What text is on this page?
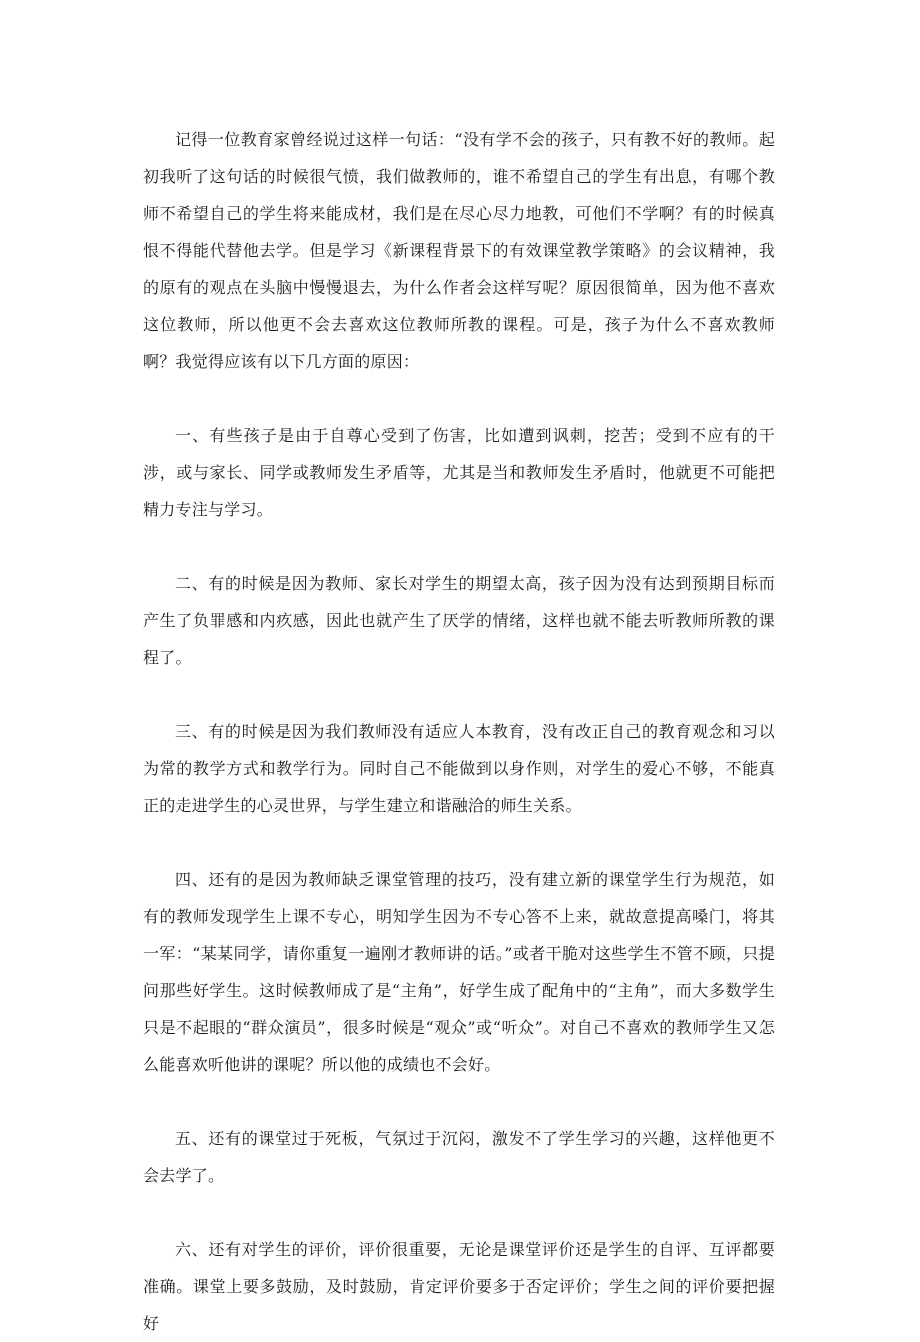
记得一位教育家曾经说过这样一句话：“没有学不会的孩子，只有教不好的教师。起初我听了这句话的时候很气愤，我们做教师的，谁不希望自己的学生有出息，有哪个教师不希望自己的学生将来能成材，我们是在尽心尽力地教，可他们不学啊？有的时候真恨不得能代替他去学。但是学习《新课程背景下的有效课堂教学策略》的会议精神，我的原有的观点在头脑中慢慢退去，为什么作者会这样写呢？原因很简单，因为他不喜欢这位教师，所以他更不会去喜欢这位教师所教的课程。可是，孩子为什么不喜欢教师啊？我觉得应该有以下几方面的原因：

一、有些孩子是由于自尊心受到了伤害，比如遭到讽刺，挖苦；受到不应有的干涉，或与家长、同学或教师发生矛盾等，尤其是当和教师发生矛盾时，他就更不可能把精力专注与学习。

二、有的时候是因为教师、家长对学生的期望太高，孩子因为没有达到预期目标而产生了负罪感和内疚感，因此也就产生了厌学的情绪，这样也就不能去听教师所教的课程了。

三、有的时候是因为我们教师没有适应人本教育，没有改正自己的教育观念和习以为常的教学方式和教学行为。同时自己不能做到以身作则，对学生的爱心不够，不能真正的走进学生的心灵世界，与学生建立和谐融洽的师生关系。

四、还有的是因为教师缺乏课堂管理的技巧，没有建立新的课堂学生行为规范，如有的教师发现学生上课不专心，明知学生因为不专心答不上来，就故意提高嗓门，将其一军：“某某同学，请你重复一遍刚才教师讲的话。”或者干脆对这些学生不管不顾，只提问那些好学生。这时候教师成了是“主角”，好学生成了配角中的“主角”，而大多数学生只是不起眼的“群众演员”，很多时候是“观众”或“听众”。对自己不喜欢的教师学生又怎么能喜欢听他讲的课呢？所以他的成绩也不会好。

五、还有的课堂过于死板，气氛过于沉闷，激发不了学生学习的兴趣，这样他更不会去学了。

六、还有对学生的评价，评价很重要，无论是课堂评价还是学生的自评、互评都要准确。课堂上要多鼓励，及时鼓励，肯定评价要多于否定评价；学生之间的评价要把握好
